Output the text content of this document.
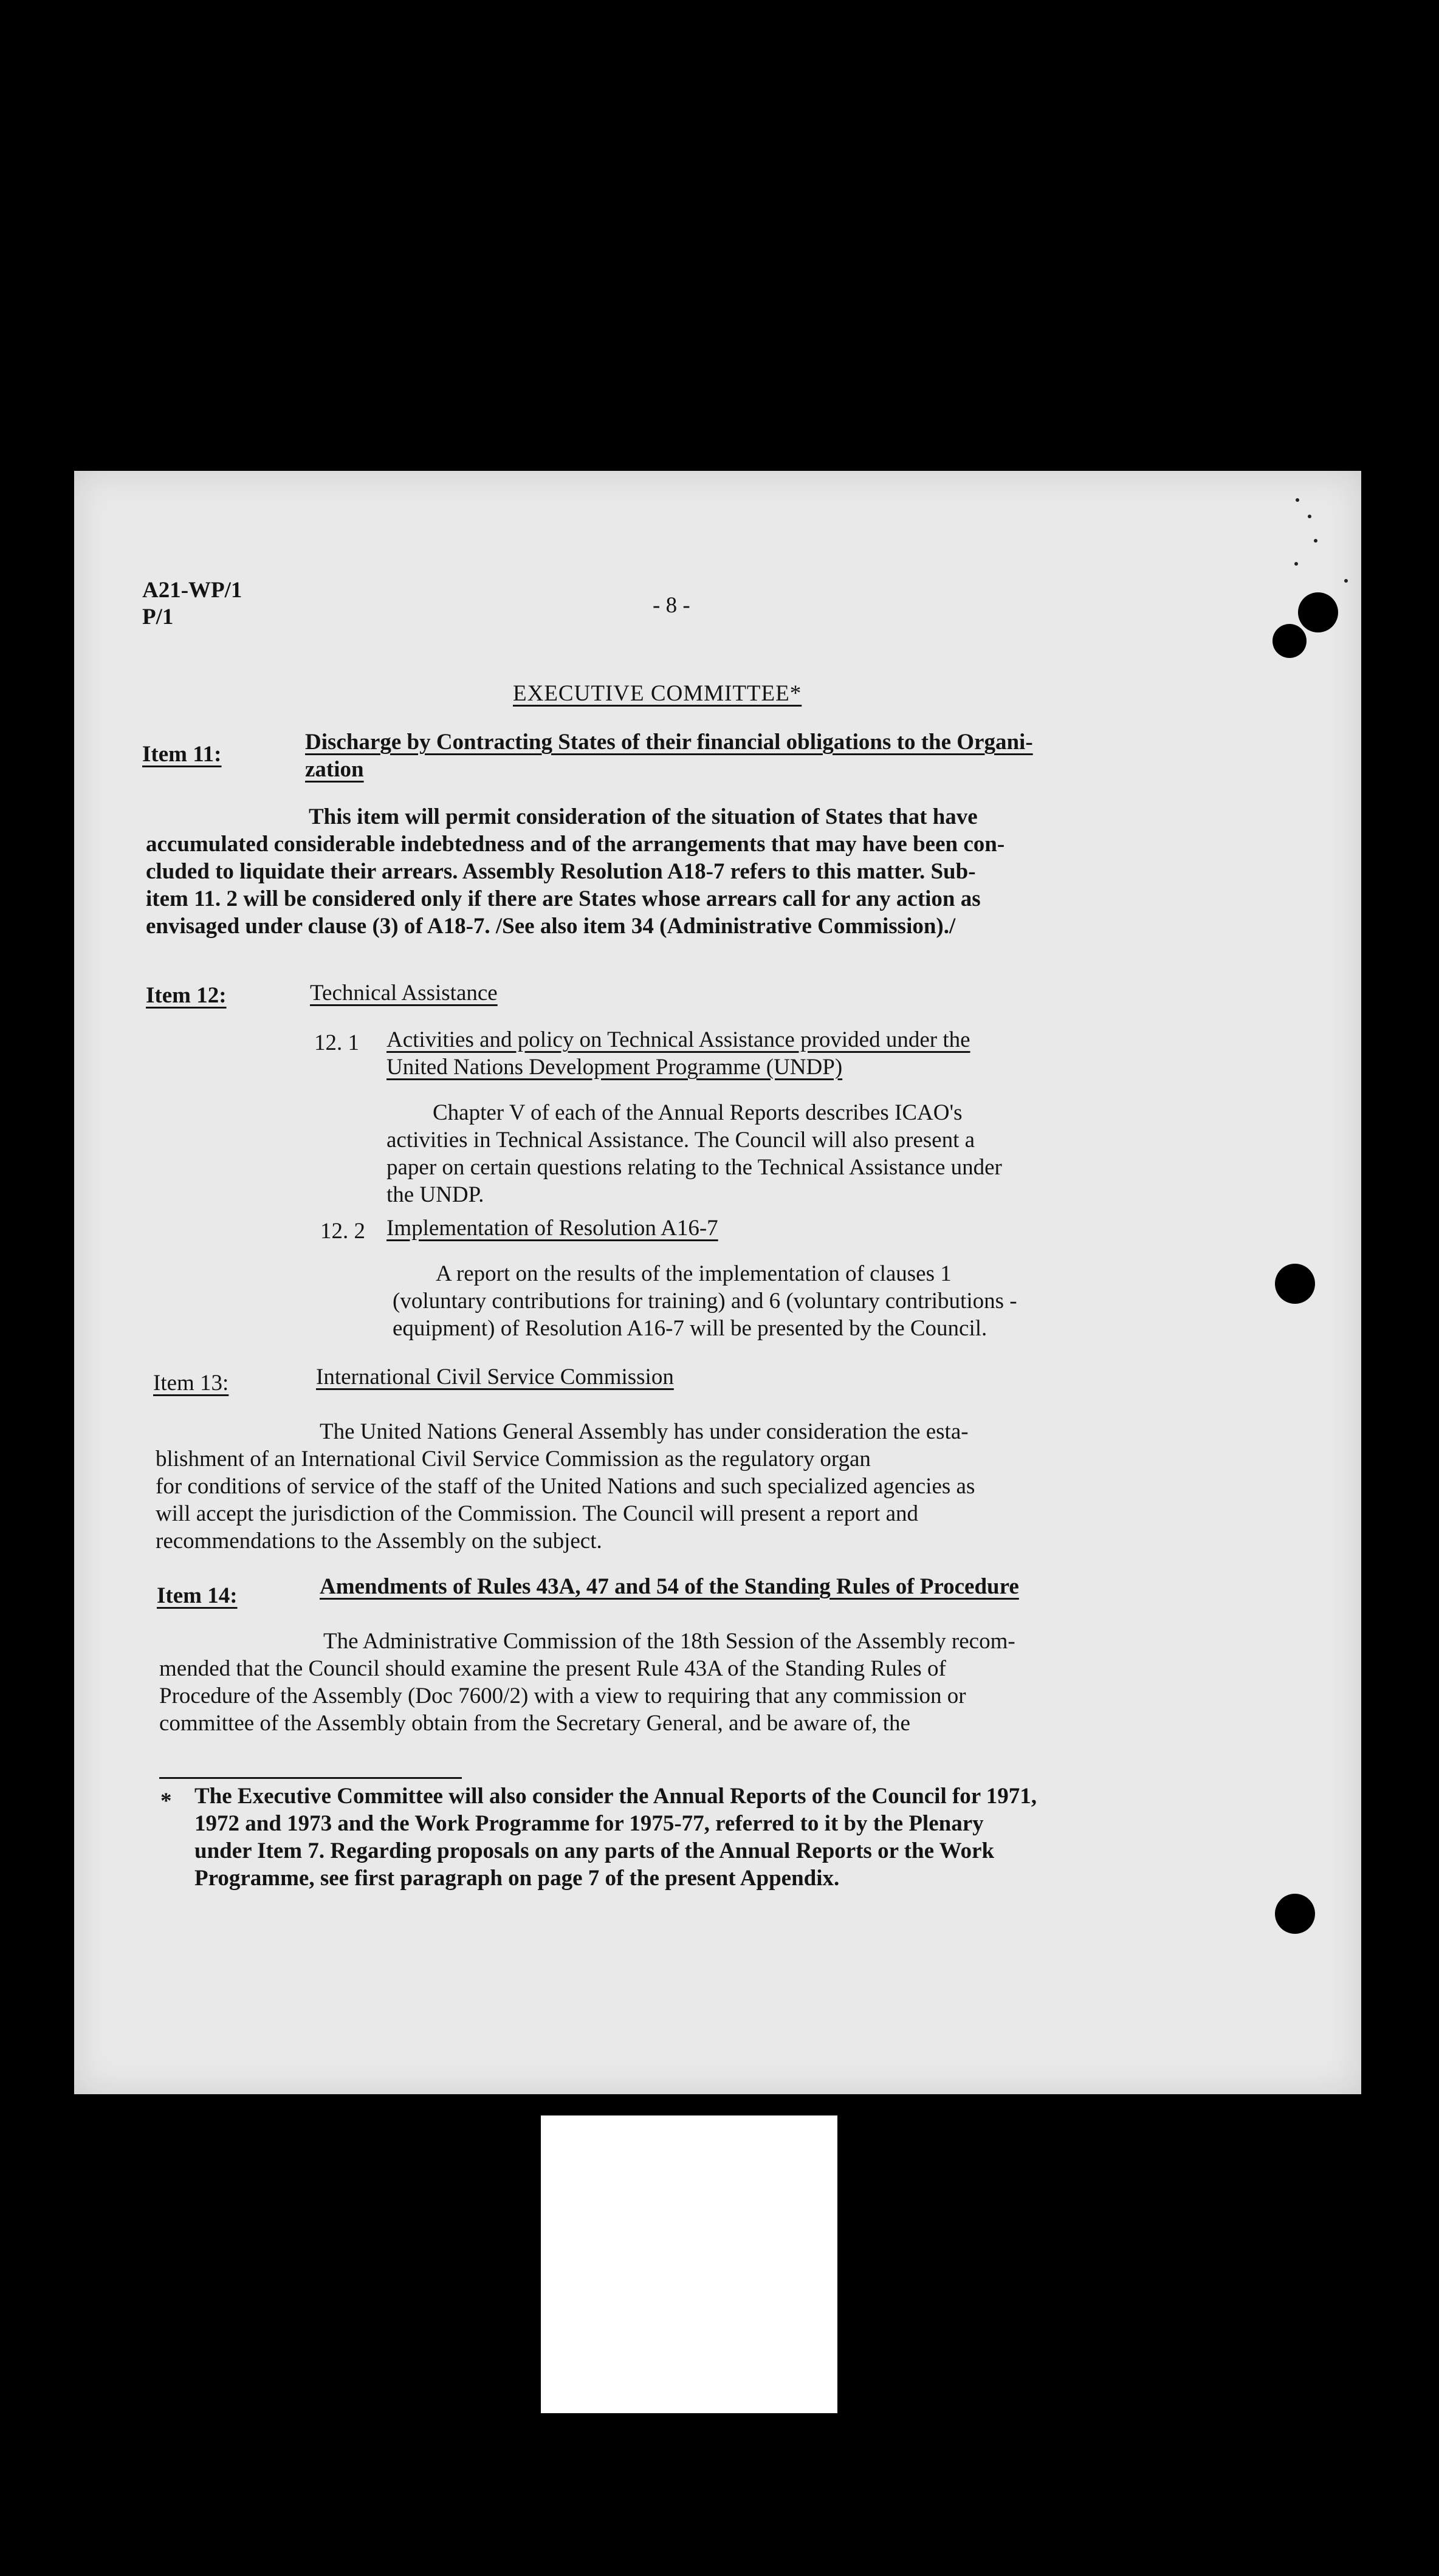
A21-WP/1
P/1	- 8 -
EXECUTIVE COMMITTEE*
Item 11:	Discharge by Contracting States of their financial obligations to the Organi-
zation
This item will permit consideration of the situation of States that have
accumulated considerable indebtedness and of the arrangements that may have been con-
cluded to liquidate their arrears. Assembly Resolution A18-7 refers to this matter. Sub-
item 11. 2 will be considered only if there are States whose arrears call for any action as
envisaged under clause (3) of A18-7. /See also item 34 (Administrative Commission)./
Item 12:	Technical Assistance
12. 1 Activities and policy on Technical Assistance provided under the
United Nations Development Programme (UNDP)
Chapter V of each of the Annual Reports describes ICAO's
activities in Technical Assistance. The Council will also present a
paper on certain questions relating to the Technical Assistance under
the UNDP.
12. 2 Implementation of Resolution A16-7
A report on the results of the implementation of clauses 1
(voluntary contributions for training) and 6 (voluntary contributions -
equipment) of Resolution A16-7 will be presented by the Council.
Item 13:	International Civil Service Commission
The United Nations General Assembly has under consideration the esta-
blishment of an International Civil Service Commission as the regulatory organ
for conditions of service of the staff of the United Nations and such specialized agencies as
will accept the jurisdiction of the Commission. The Council will present a report and
recommendations to the Assembly on the subject.
Item 14:	Amendments of Rules 43A, 47 and 54 of the Standing Rules of Procedure
The Administrative Commission of the 18th Session of the Assembly recom-
mended that the Council should examine the present Rule 43A of the Standing Rules of
Procedure of the Assembly (Doc 7600/2) with a view to requiring that any commission or
committee of the Assembly obtain from the Secretary General, and be aware of, the
* The Executive Committee will also consider the Annual Reports of the Council for 1971,
1972 and 1973 and the Work Programme for 1975-77, referred to it by the Plenary
under Item 7. Regarding proposals on any parts of the Annual Reports or the Work
Programme, see first paragraph on page 7 of the present Appendix.
